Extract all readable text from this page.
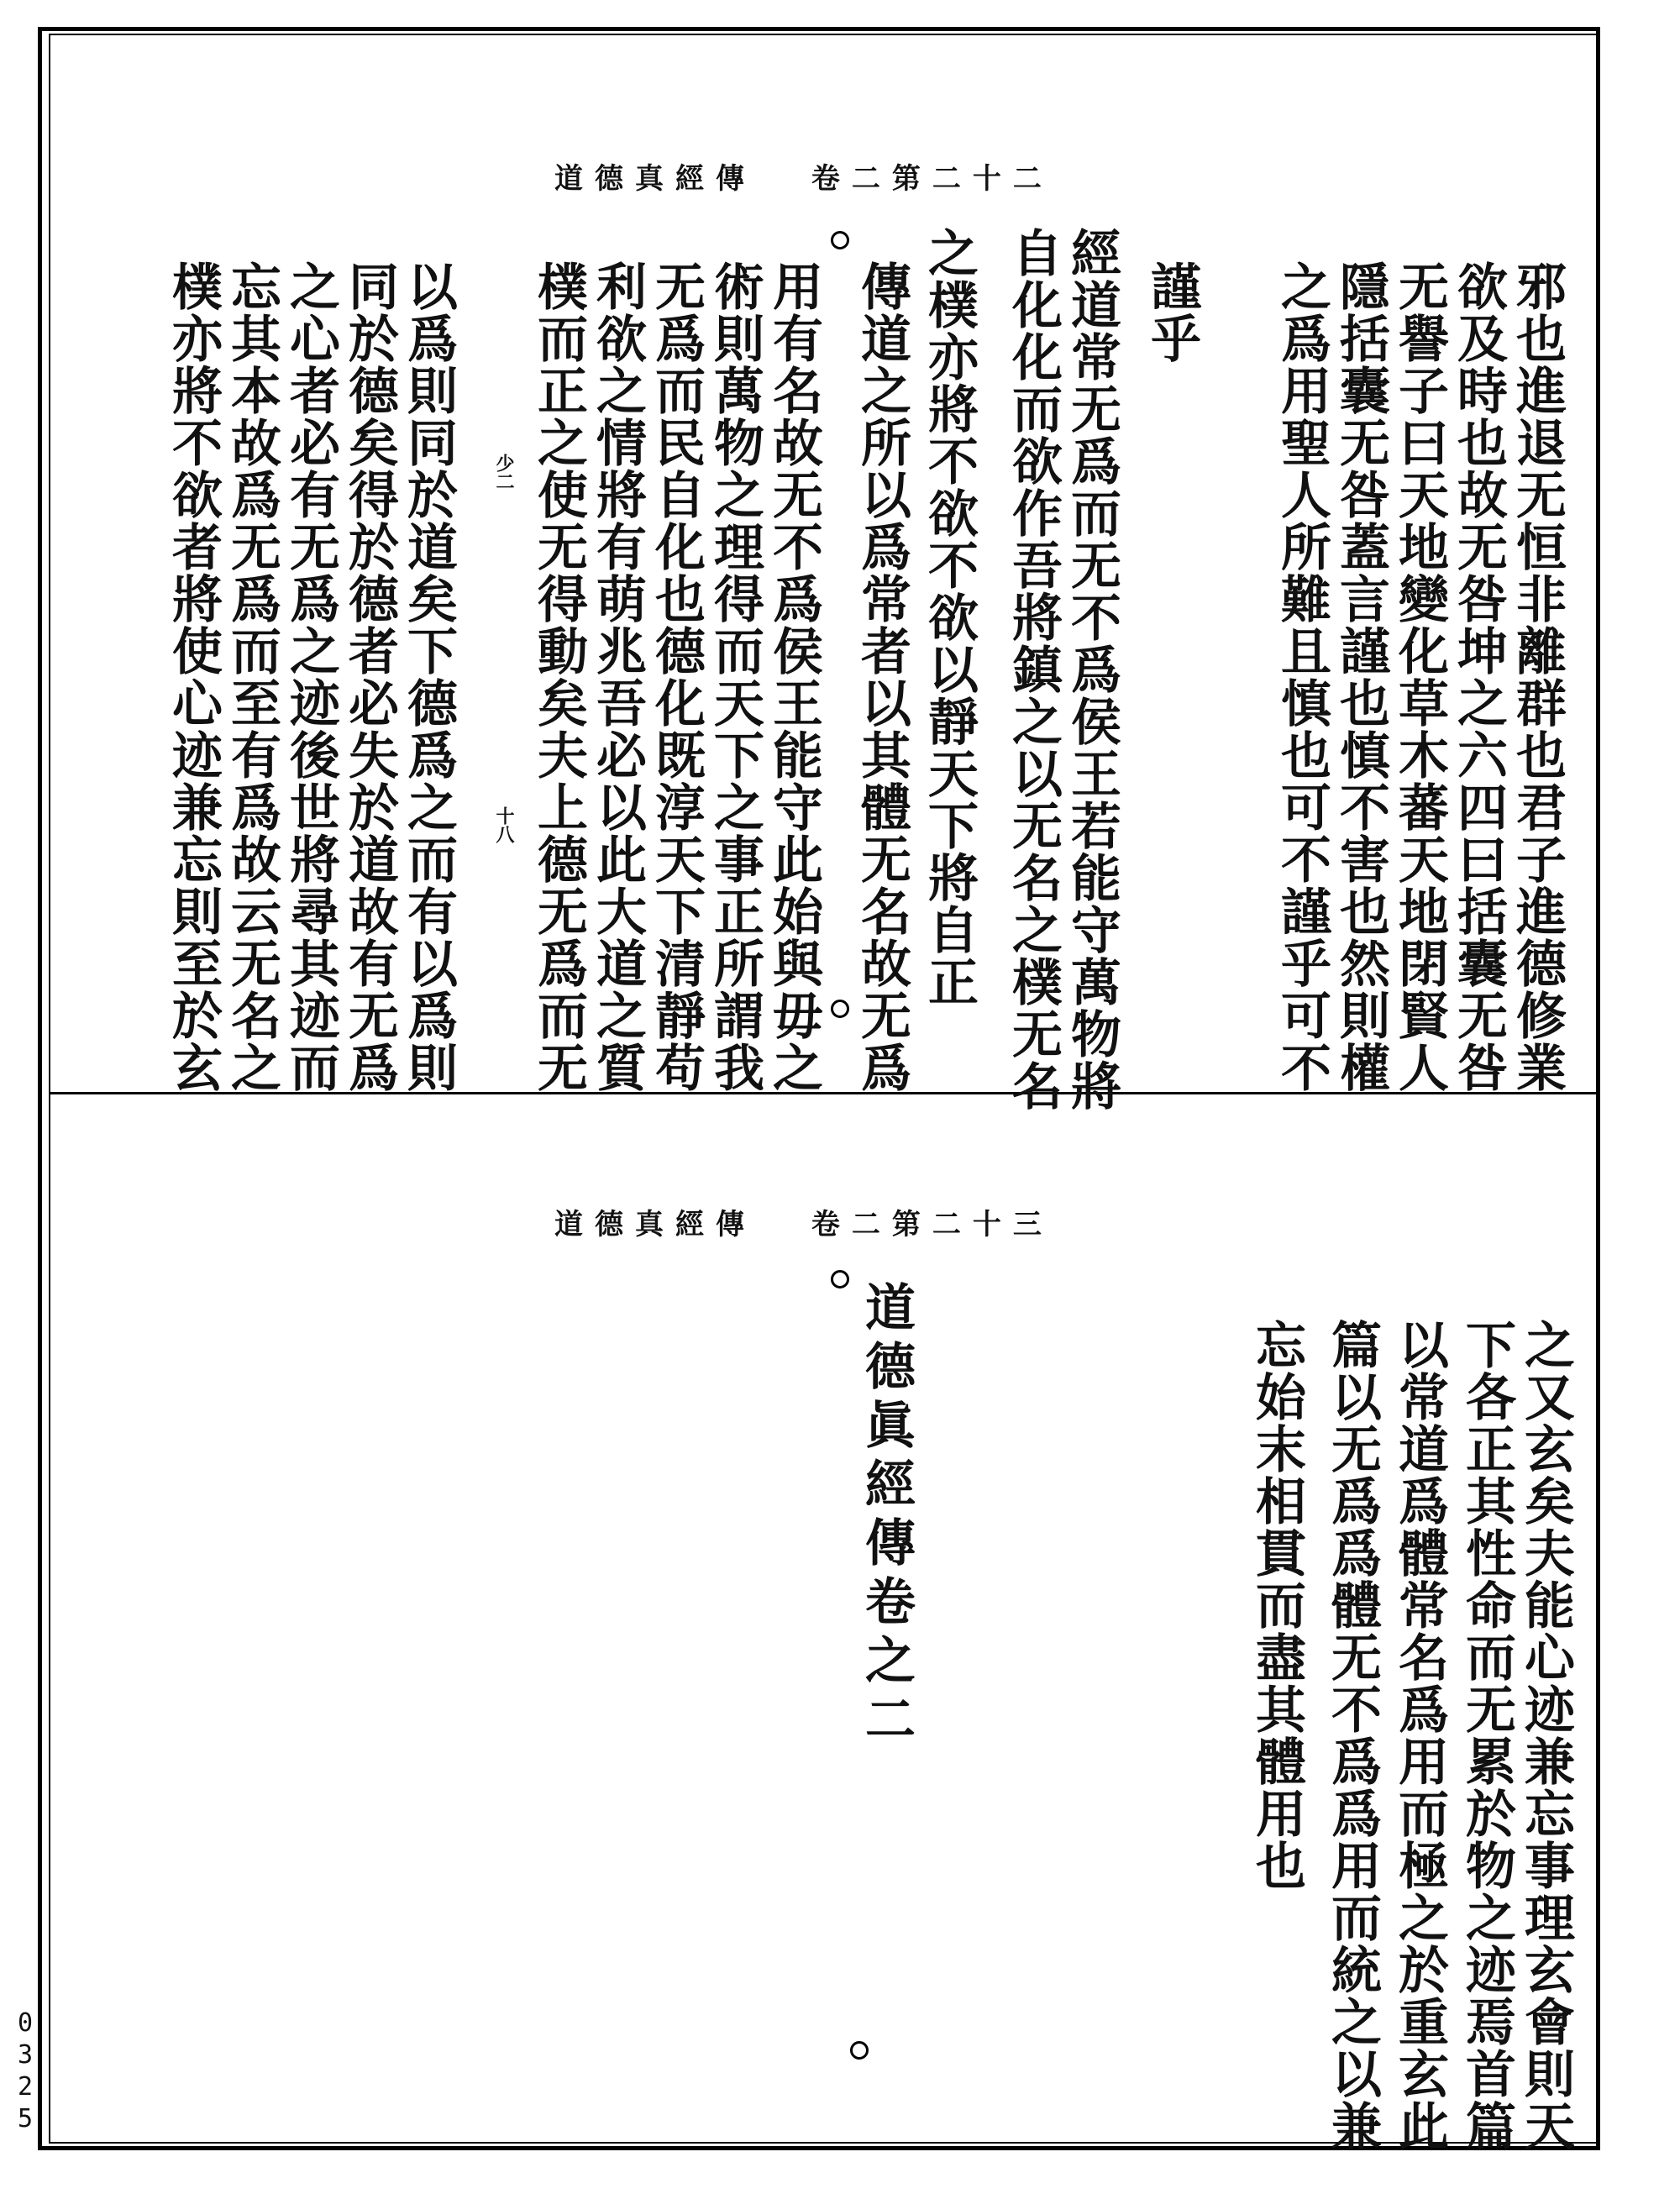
0
3
2
5
道德真經傳 卷二第二十二
邪也進退无恒非離群也君子進德修業
欲及時也故无咎坤之六四曰括囊无咎
无譽子曰天地變化草木蕃天地閉賢人
隱括囊无咎蓋言謹也慎不害也然則權
之爲用聖人所難且慎也可不謹乎可不
謹乎
經道常无爲而无不爲侯王若能守萬物將
自化化而欲作吾將鎮之以无名之樸无名
之樸亦將不欲不欲以靜天下將自正
傳道之所以爲常者以其體无名故无爲
用有名故无不爲侯王能守此始與毋之
術則萬物之理得而天下之事正所謂我
无爲而民自化也德化既淳天下清靜苟
利欲之情將有萌兆吾必以此大道之質
樸而正之使无得動矣夫上德无爲而无
以爲則同於道矣下德爲之而有以爲則
同於德矣得於德者必失於道故有无爲
之心者必有无爲之迹後世將尋其迹而
忘其本故爲无爲而至有爲故云无名之
樸亦將不欲者將使心迹兼忘則至於玄	少二
十八
道德真經傳 卷二第二十三
之又玄矣夫能心迹兼忘事理玄會則天
下各正其性命而无累於物之迹焉首篇
以常道爲體常名爲用而極之於重玄此
篇以无爲爲體无不爲爲用而統之以兼
忘始末相貫而盡其體用也
道德眞經傳卷之二
